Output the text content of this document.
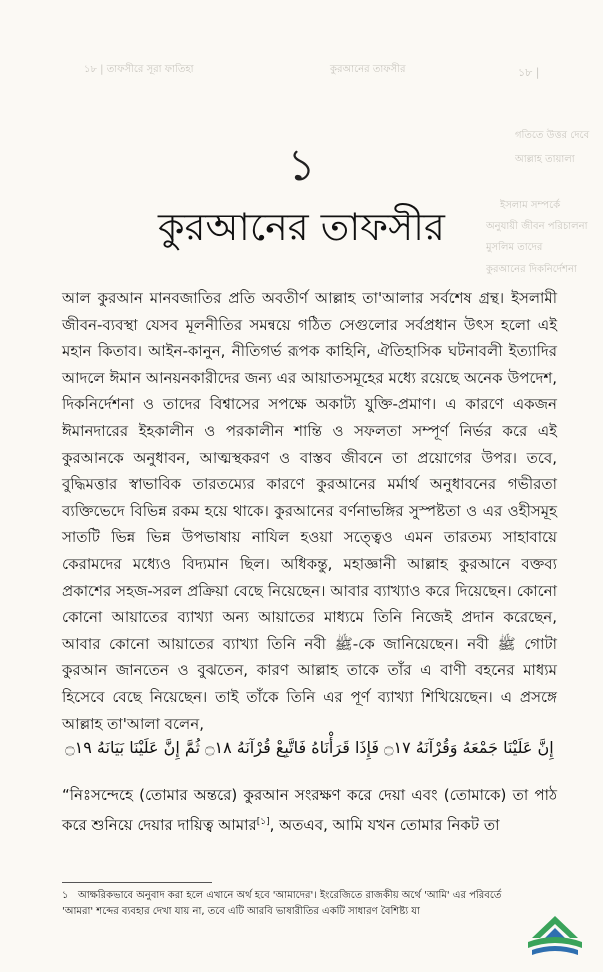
১৮ | তাফসীরে সূরা ফাতিহা	কুরআনের তাফসীর	১৮ |
গতিতে উত্তর দেবে
আল্লাহ তায়ালা
ইসলাম সম্পর্কে
অনুযায়ী জীবন পরিচালনা
মুসলিম তাদের
কুরআনের দিকনির্দেশনা
১
কুরআনের তাফসীর
আল কুরআন মানবজাতির প্রতি অবতীর্ণ আল্লাহ তা'আলার সর্বশেষ গ্রন্থ। ইসলামী জীবন-ব্যবস্থা যেসব মূলনীতির সমন্বয়ে গঠিত সেগুলোর সর্বপ্রধান উৎস হলো এই মহান কিতাব। আইন-কানুন, নীতিগর্ভ রূপক কাহিনি, ঐতিহাসিক ঘটনাবলী ইত্যাদির আদলে ঈমান আনয়নকারীদের জন্য এর আয়াতসমূহের মধ্যে রয়েছে অনেক উপদেশ, দিকনির্দেশনা ও তাদের বিশ্বাসের সপক্ষে অকাট্য যুক্তি-প্রমাণ। এ কারণে একজন ঈমানদারের ইহকালীন ও পরকালীন শান্তি ও সফলতা সম্পূর্ণ নির্ভর করে এই কুরআনকে অনুধাবন, আত্মস্থকরণ ও বাস্তব জীবনে তা প্রয়োগের উপর। তবে, বুদ্ধিমত্তার স্বাভাবিক তারতম্যের কারণে কুরআনের মর্মার্থ অনুধাবনের গভীরতা ব্যক্তিভেদে বিভিন্ন রকম হয়ে থাকে। কুরআনের বর্ণনাভঙ্গির সুস্পষ্টতা ও এর ওহীসমূহ সাতটি ভিন্ন ভিন্ন উপভাষায় নাযিল হওয়া সত্ত্বেও এমন তারতম্য সাহাবায়ে কেরামদের মধ্যেও বিদ্যমান ছিল। অধিকন্তু, মহাজ্ঞানী আল্লাহ কুরআনে বক্তব্য প্রকাশের সহজ-সরল প্রক্রিয়া বেছে নিয়েছেন। আবার ব্যাখ্যাও করে দিয়েছেন। কোনো কোনো আয়াতের ব্যাখ্যা অন্য আয়াতের মাধ্যমে তিনি নিজেই প্রদান করেছেন, আবার কোনো আয়াতের ব্যাখ্যা তিনি নবী ﷺ-কে জানিয়েছেন। নবী ﷺ গোটা কুরআন জানতেন ও বুঝতেন, কারণ আল্লাহ তাকে তাঁর এ বাণী বহনের মাধ্যম হিসেবে বেছে নিয়েছেন। তাই তাঁকে তিনি এর পূর্ণ ব্যাখ্যা শিখিয়েছেন। এ প্রসঙ্গে আল্লাহ তা'আলা বলেন,
إِنَّ عَلَيْنَا جَمْعَهُ وَقُرْآنَهُ ۝١٧ فَإِذَا قَرَأْنَاهُ فَاتَّبِعْ قُرْآنَهُ ۝١٨ ثُمَّ إِنَّ عَلَيْنَا بَيَانَهُ ۝١٩
“নিঃসন্দেহে (তোমার অন্তরে) কুরআন সংরক্ষণ করে দেয়া এবং (তোমাকে) তা পাঠ করে শুনিয়ে দেয়ার দায়িত্ব আমার[১], অতএব, আমি যখন তোমার নিকট তা
১ আক্ষরিকভাবে অনুবাদ করা হলে এখানে অর্থ হবে 'আমাদের'। ইংরেজিতে রাজকীয় অর্থে 'আমি' এর পরিবর্তে 'আমরা' শব্দের ব্যবহার দেখা যায় না, তবে এটি আরবি ভাষারীতির একটি সাধারণ বৈশিষ্ট্য যা
